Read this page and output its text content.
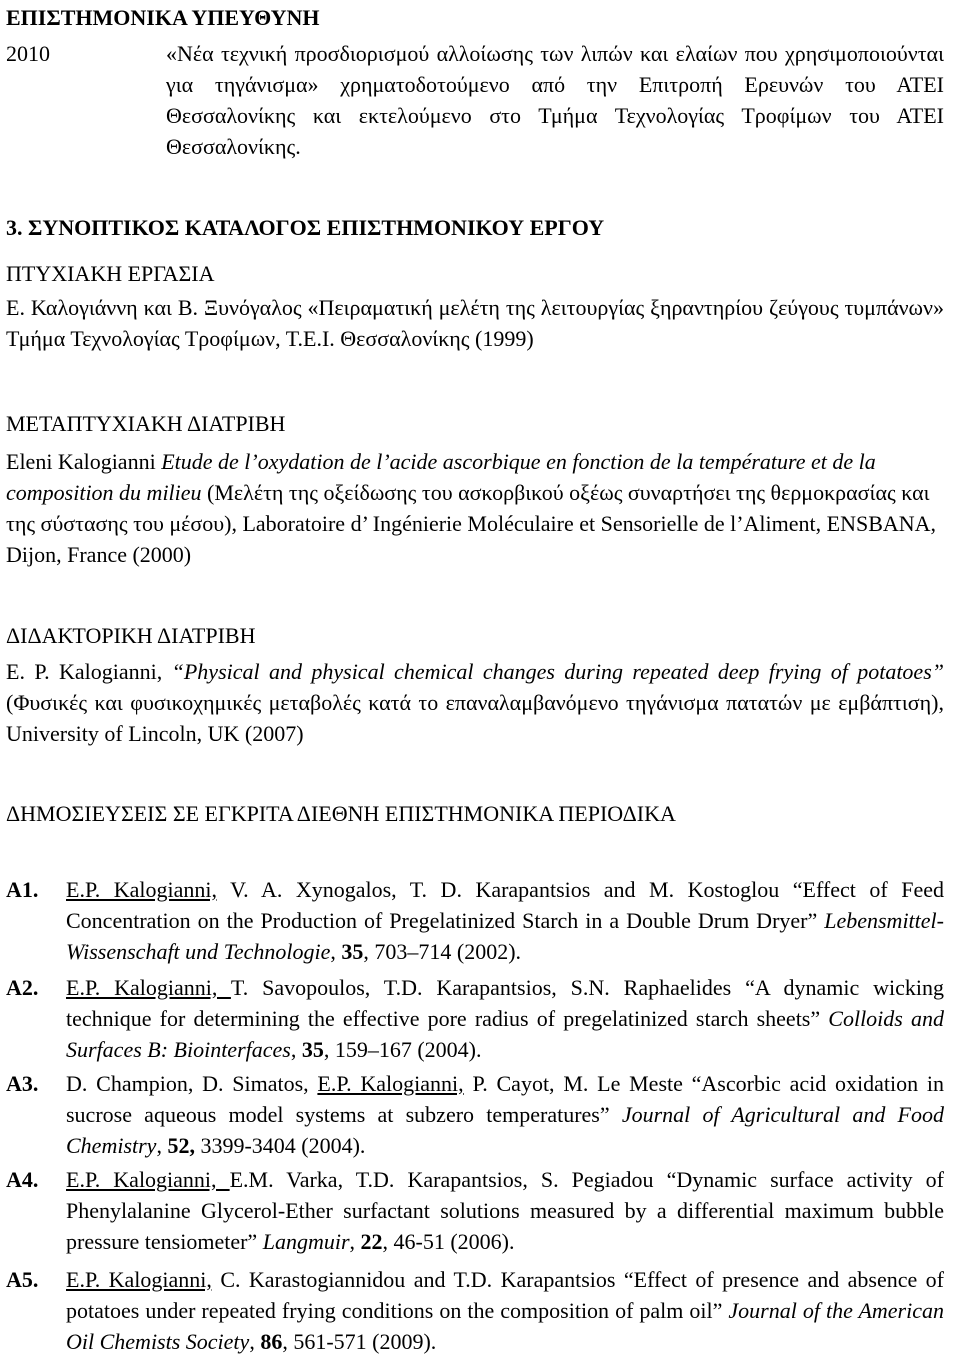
ΕΠΙΣΤΗΜΟΝΙΚΑ ΥΠΕΥΘΥΝΗ
2010	«Νέα τεχνική προσδιορισμού αλλοίωσης των λιπών και ελαίων που χρησιμοποιούνται για τηγάνισμα» χρηματοδοτούμενο από την Επιτροπή Ερευνών του ΑΤΕΙ Θεσσαλονίκης και εκτελούμενο στο Τμήμα Τεχνολογίας Τροφίμων του ΑΤΕΙ Θεσσαλονίκης.
3. ΣΥΝΟΠΤΙΚΟΣ ΚΑΤΑΛΟΓΟΣ ΕΠΙΣΤΗΜΟΝΙΚΟΥ ΕΡΓΟΥ
ΠΤΥΧΙΑΚΗ ΕΡΓΑΣΙΑ
Ε. Καλογιάννη και Β. Ξυνόγαλος «Πειραματική μελέτη της λειτουργίας ξηραντηρίου ζεύγους τυμπάνων» Τμήμα Τεχνολογίας Τροφίμων, Τ.Ε.Ι. Θεσσαλονίκης (1999)
ΜΕΤΑΠΤΥΧΙΑΚΗ ΔΙΑΤΡΙΒΗ
Eleni Kalogianni Etude de l’oxydation de l’acide ascorbique en fonction de la température et de la composition du milieu (Μελέτη της οξείδωσης του ασκορβικού οξέως συναρτήσει της θερμοκρασίας και της σύστασης του μέσου), Laboratoire d’ Ingénierie Moléculaire et Sensorielle de l’Aliment, ENSBANA, Dijon, France (2000)
ΔΙΔΑΚΤΟΡΙΚΗ ΔΙΑΤΡΙΒΗ
E. P. Kalogianni, “Physical and physical chemical changes during repeated deep frying of potatoes” (Φυσικές και φυσικοχημικές μεταβολές κατά το επαναλαμβανόμενο τηγάνισμα πατατών με εμβάπτιση), University of Lincoln, UK (2007)
ΔΗΜΟΣΙΕΥΣΕΙΣ ΣΕ ΕΓΚΡΙΤΑ ΔΙΕΘΝΗ ΕΠΙΣΤΗΜΟΝΙΚΑ ΠΕΡΙΟΔΙΚΑ
A1. E.P. Kalogianni, V. A. Xynogalos, T. D. Karapantsios and M. Kostoglou “Effect of Feed Concentration on the Production of Pregelatinized Starch in a Double Drum Dryer” Lebensmittel-Wissenschaft und Technologie, 35, 703–714 (2002).
A2. E.P. Kalogianni, T. Savopoulos, T.D. Karapantsios, S.N. Raphaelides “A dynamic wicking technique for determining the effective pore radius of pregelatinized starch sheets” Colloids and Surfaces B: Biointerfaces, 35, 159–167 (2004).
A3. D. Champion, D. Simatos, E.P. Kalogianni, P. Cayot, M. Le Meste “Ascorbic acid oxidation in sucrose aqueous model systems at subzero temperatures” Journal of Agricultural and Food Chemistry, 52, 3399-3404 (2004).
A4. E.P. Kalogianni, E.M. Varka, T.D. Karapantsios, S. Pegiadou “Dynamic surface activity of Phenylalanine Glycerol-Ether surfactant solutions measured by a differential maximum bubble pressure tensiometer” Langmuir, 22, 46-51 (2006).
A5. E.P. Kalogianni, C. Karastogiannidou and T.D. Karapantsios “Effect of presence and absence of potatoes under repeated frying conditions on the composition of palm oil” Journal of the American Oil Chemists Society, 86, 561-571 (2009).
